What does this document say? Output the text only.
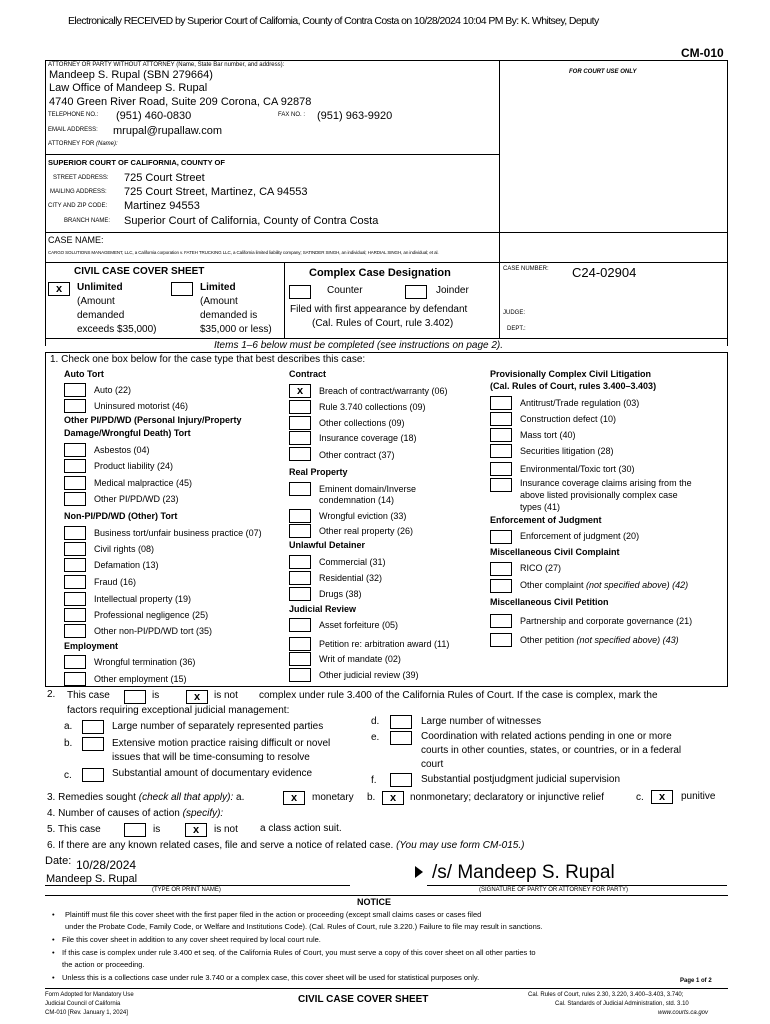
Electronically RECEIVED by Superior Court of California, County of Contra Costa on 10/28/2024 10:04 PM By: K. Whitsey, Deputy
CM-010
ATTORNEY OR PARTY WITHOUT ATTORNEY (Name, State Bar number, and address):
FOR COURT USE ONLY
Mandeep S. Rupal (SBN 279664)
Law Office of Mandeep S. Rupal
4740 Green River Road, Suite 209 Corona, CA 92878
TELEPHONE NO.: (951) 460-0830	FAX NO. : (951) 963-9920
EMAIL ADDRESS: mrupal@rupallaw.com
ATTORNEY FOR (Name):
SUPERIOR COURT OF CALIFORNIA, COUNTY OF
STREET ADDRESS: 725 Court Street
MAILING ADDRESS: 725 Court Street, Martinez, CA 94553
CITY AND ZIP CODE: Martinez 94553
BRANCH NAME: Superior Court of California, County of Contra Costa
CASE NAME:
CARGO SOLUTIONS MANAGEMENT, LLC, a California corporation v. FATEH TRUCKING LLC, a California limited liability company; SATINDER SINGH, an individual; HARDIAL SINGH, an individual; et al.
CIVIL CASE COVER SHEET
x	Unlimited
(Amount
demanded
exceeds $35,000)
Limited
(Amount
demanded is
$35,000 or less)
Complex Case Designation
Counter	Joinder
Filed with first appearance by defendant
(Cal. Rules of Court, rule 3.402)
CASE NUMBER: C24-02904
JUDGE:
DEPT.:
Items 1–6 below must be completed (see instructions on page 2).
1. Check one box below for the case type that best describes this case:
Auto Tort
Auto (22)
Uninsured motorist (46)
Other PI/PD/WD (Personal Injury/Property
Damage/Wrongful Death) Tort
Asbestos (04)
Product liability (24)
Medical malpractice (45)
Other PI/PD/WD (23)
Non-PI/PD/WD (Other) Tort
Business tort/unfair business practice (07)
Civil rights (08)
Defamation (13)
Fraud (16)
Intellectual property (19)
Professional negligence (25)
Other non-PI/PD/WD tort (35)
Employment
Wrongful termination (36)
Other employment (15)
Contract
x	Breach of contract/warranty (06)
Rule 3.740 collections (09)
Other collections (09)
Insurance coverage (18)
Other contract (37)
Real Property
Eminent domain/Inverse
condemnation (14)
Wrongful eviction (33)
Other real property (26)
Unlawful Detainer
Commercial (31)
Residential (32)
Drugs (38)
Judicial Review
Asset forfeiture (05)
Petition re: arbitration award (11)
Writ of mandate (02)
Other judicial review (39)
Provisionally Complex Civil Litigation
(Cal. Rules of Court, rules 3.400–3.403)
Antitrust/Trade regulation (03)
Construction defect (10)
Mass tort (40)
Securities litigation (28)
Environmental/Toxic tort (30)
Insurance coverage claims arising from the
above listed provisionally complex case
types (41)
Enforcement of Judgment
Enforcement of judgment (20)
Miscellaneous Civil Complaint
RICO (27)
Other complaint (not specified above) (42)
Miscellaneous Civil Petition
Partnership and corporate governance (21)
Other petition (not specified above) (43)
2. This case	is	x	is not complex under rule 3.400 of the California Rules of Court. If the case is complex, mark the
factors requiring exceptional judicial management:
a.	Large number of separately represented parties
b.	Extensive motion practice raising difficult or novel
issues that will be time-consuming to resolve
c.	Substantial amount of documentary evidence
d.	Large number of witnesses
e.	Coordination with related actions pending in one or more
courts in other counties, states, or countries, or in a federal
court
f.	Substantial postjudgment judicial supervision
3. Remedies sought (check all that apply): a.	x	monetary b.	x	nonmonetary; declaratory or injunctive relief	c.	x	punitive
4. Number of causes of action (specify):
5. This case	is	x	is not a class action suit.
6. If there are any known related cases, file and serve a notice of related case. (You may use form CM-015.)
Date: 10/28/2024
Mandeep S. Rupal
(TYPE OR PRINT NAME)
/s/ Mandeep S. Rupal
(SIGNATURE OF PARTY OR ATTORNEY FOR PARTY)
NOTICE
• Plaintiff must file this cover sheet with the first paper filed in the action or proceeding (except small claims cases or cases filed
under the Probate Code, Family Code, or Welfare and Institutions Code). (Cal. Rules of Court, rule 3.220.) Failure to file may result in sanctions.
• File this cover sheet in addition to any cover sheet required by local court rule.
• If this case is complex under rule 3.400 et seq. of the California Rules of Court, you must serve a copy of this cover sheet on all other parties to
the action or proceeding.
• Unless this is a collections case under rule 3.740 or a complex case, this cover sheet will be used for statistical purposes only.	Page 1 of 2
Form Adopted for Mandatory Use
Judicial Council of California
CM-010 [Rev. January 1, 2024]
CIVIL CASE COVER SHEET	Cal. Rules of Court, rules 2.30, 3.220, 3.400–3.403, 3.740;
Cal. Standards of Judicial Administration, std. 3.10
www.courts.ca.gov
